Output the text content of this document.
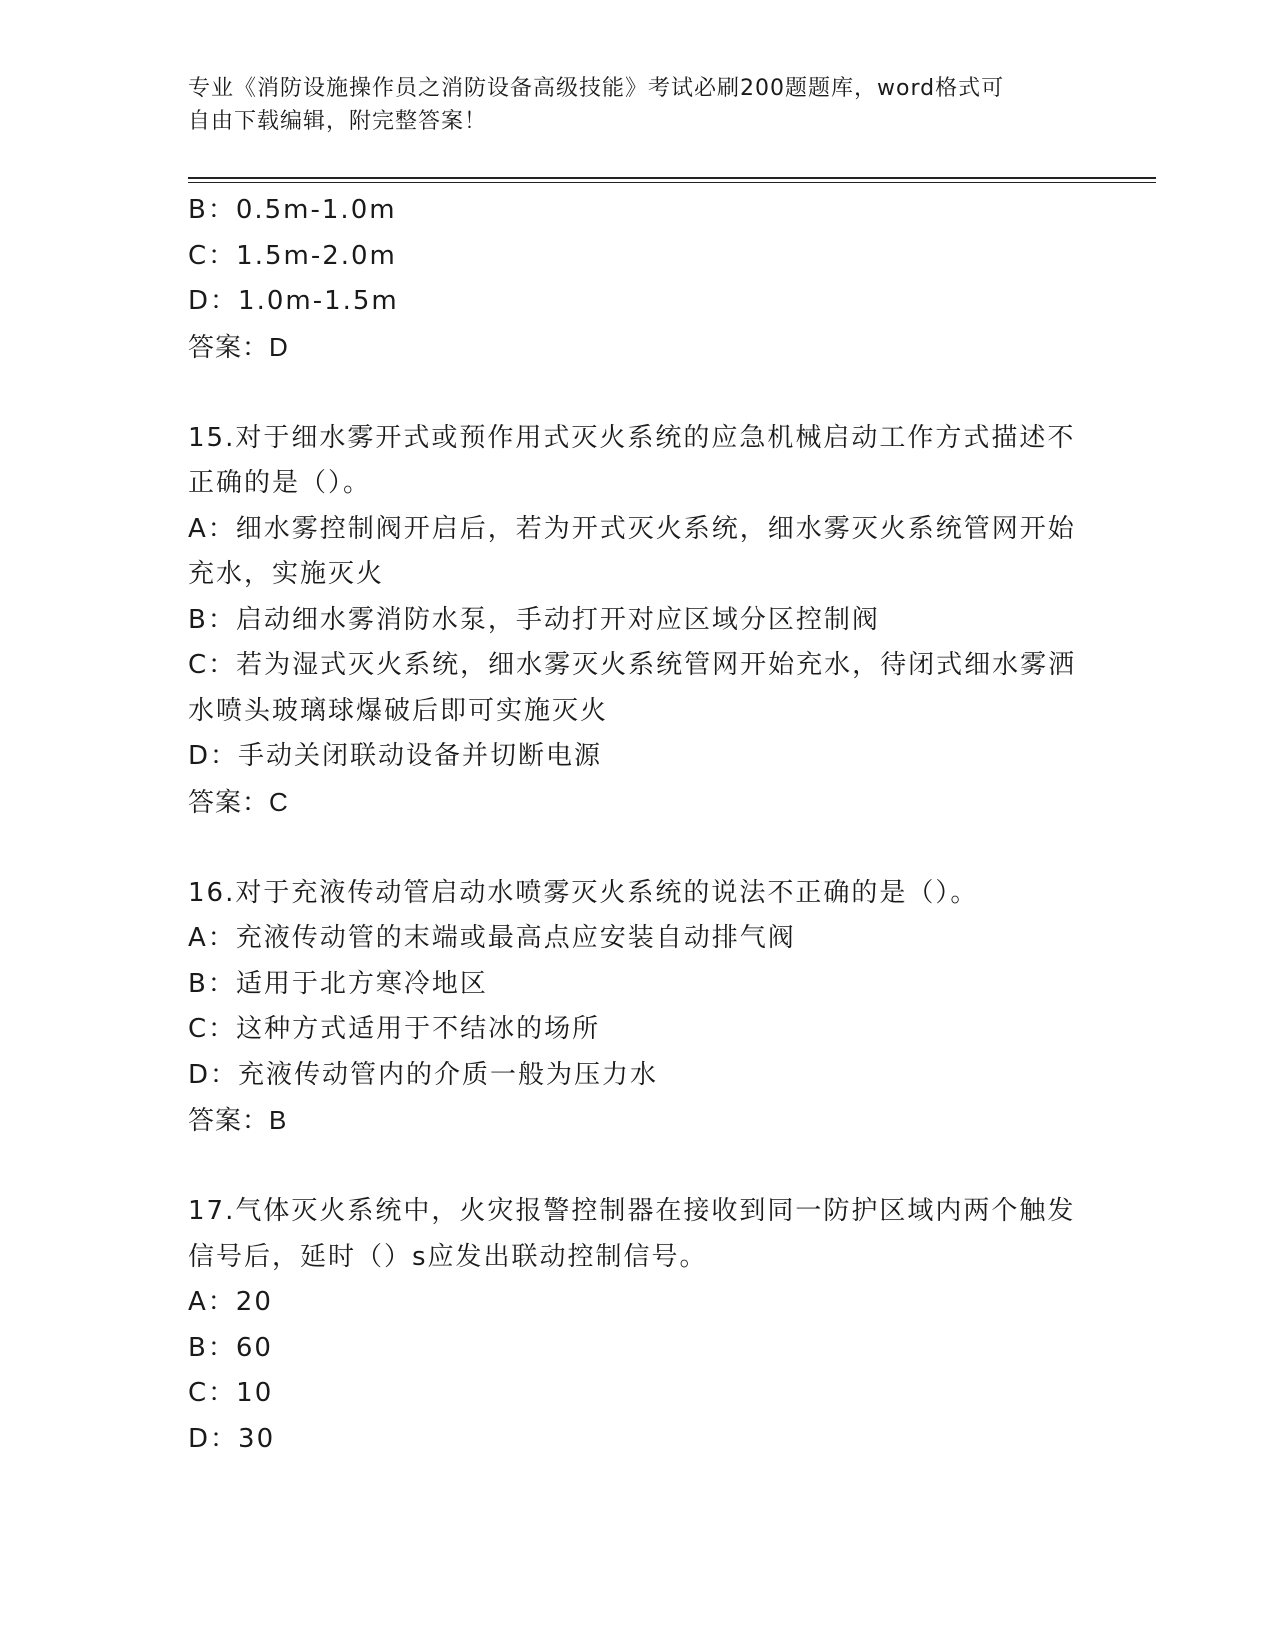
专业《消防设施操作员之消防设备高级技能》考试必刷200题题库，word格式可
自由下载编辑，附完整答案！
B：0.5m-1.0m
C：1.5m-2.0m
D：1.0m-1.5m
答案：D
15.对于细水雾开式或预作用式灭火系统的应急机械启动工作方式描述不正确的是（）。
A：细水雾控制阀开启后，若为开式灭火系统，细水雾灭火系统管网开始充水，实施灭火
B：启动细水雾消防水泵，手动打开对应区域分区控制阀
C：若为湿式灭火系统，细水雾灭火系统管网开始充水，待闭式细水雾洒水喷头玻璃球爆破后即可实施灭火
D：手动关闭联动设备并切断电源
答案：C
16.对于充液传动管启动水喷雾灭火系统的说法不正确的是（）。
A：充液传动管的末端或最高点应安装自动排气阀
B：适用于北方寒冷地区
C：这种方式适用于不结冰的场所
D：充液传动管内的介质一般为压力水
答案：B
17.气体灭火系统中，火灾报警控制器在接收到同一防护区域内两个触发信号后，延时（）s应发出联动控制信号。
A：20
B：60
C：10
D：30
